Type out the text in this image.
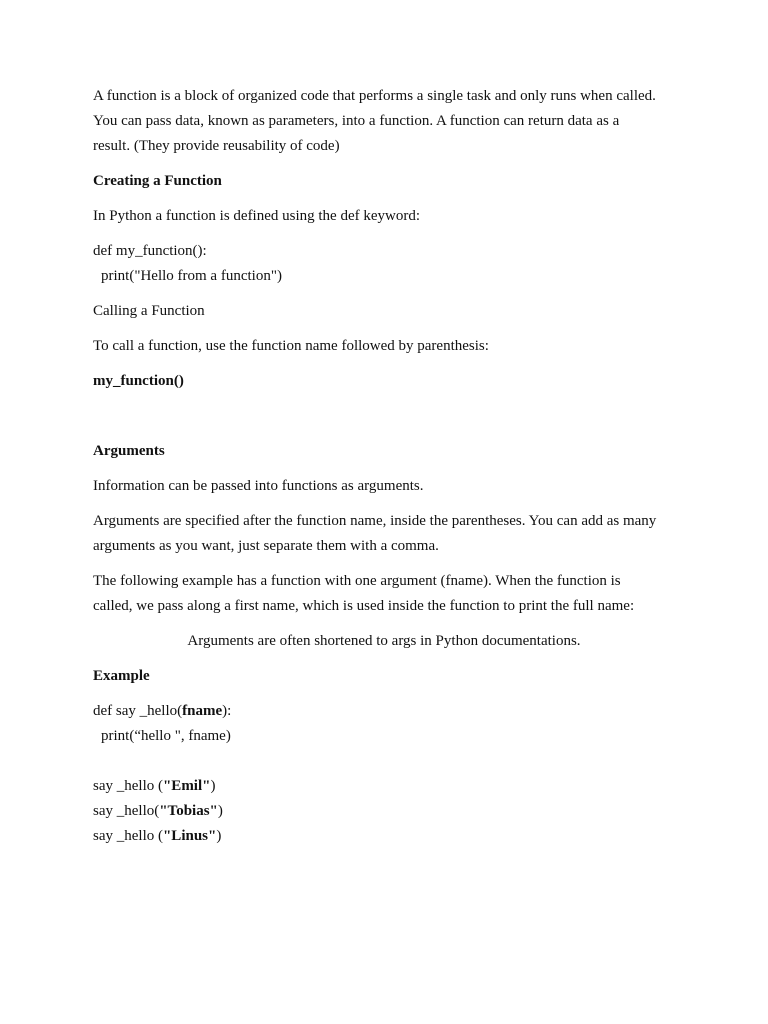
A function is a block of organized code that performs a single task and only runs when called.
You can pass data, known as parameters, into a function. A function can return data as a
result. (They provide reusability of code)
Creating a Function
In Python a function is defined using the def keyword:
def my_function():
print("Hello from a function")
Calling a Function
To call a function, use the function name followed by parenthesis:
my_function()
Arguments
Information can be passed into functions as arguments.
Arguments are specified after the function name, inside the parentheses. You can add as many
arguments as you want, just separate them with a comma.
The following example has a function with one argument (fname). When the function is
called, we pass along a first name, which is used inside the function to print the full name:
Arguments are often shortened to args in Python documentations.
Example
def say _hello(fname):
print(“hello ", fname)
say _hello ("Emil")
say _hello("Tobias")
say _hello ("Linus")
